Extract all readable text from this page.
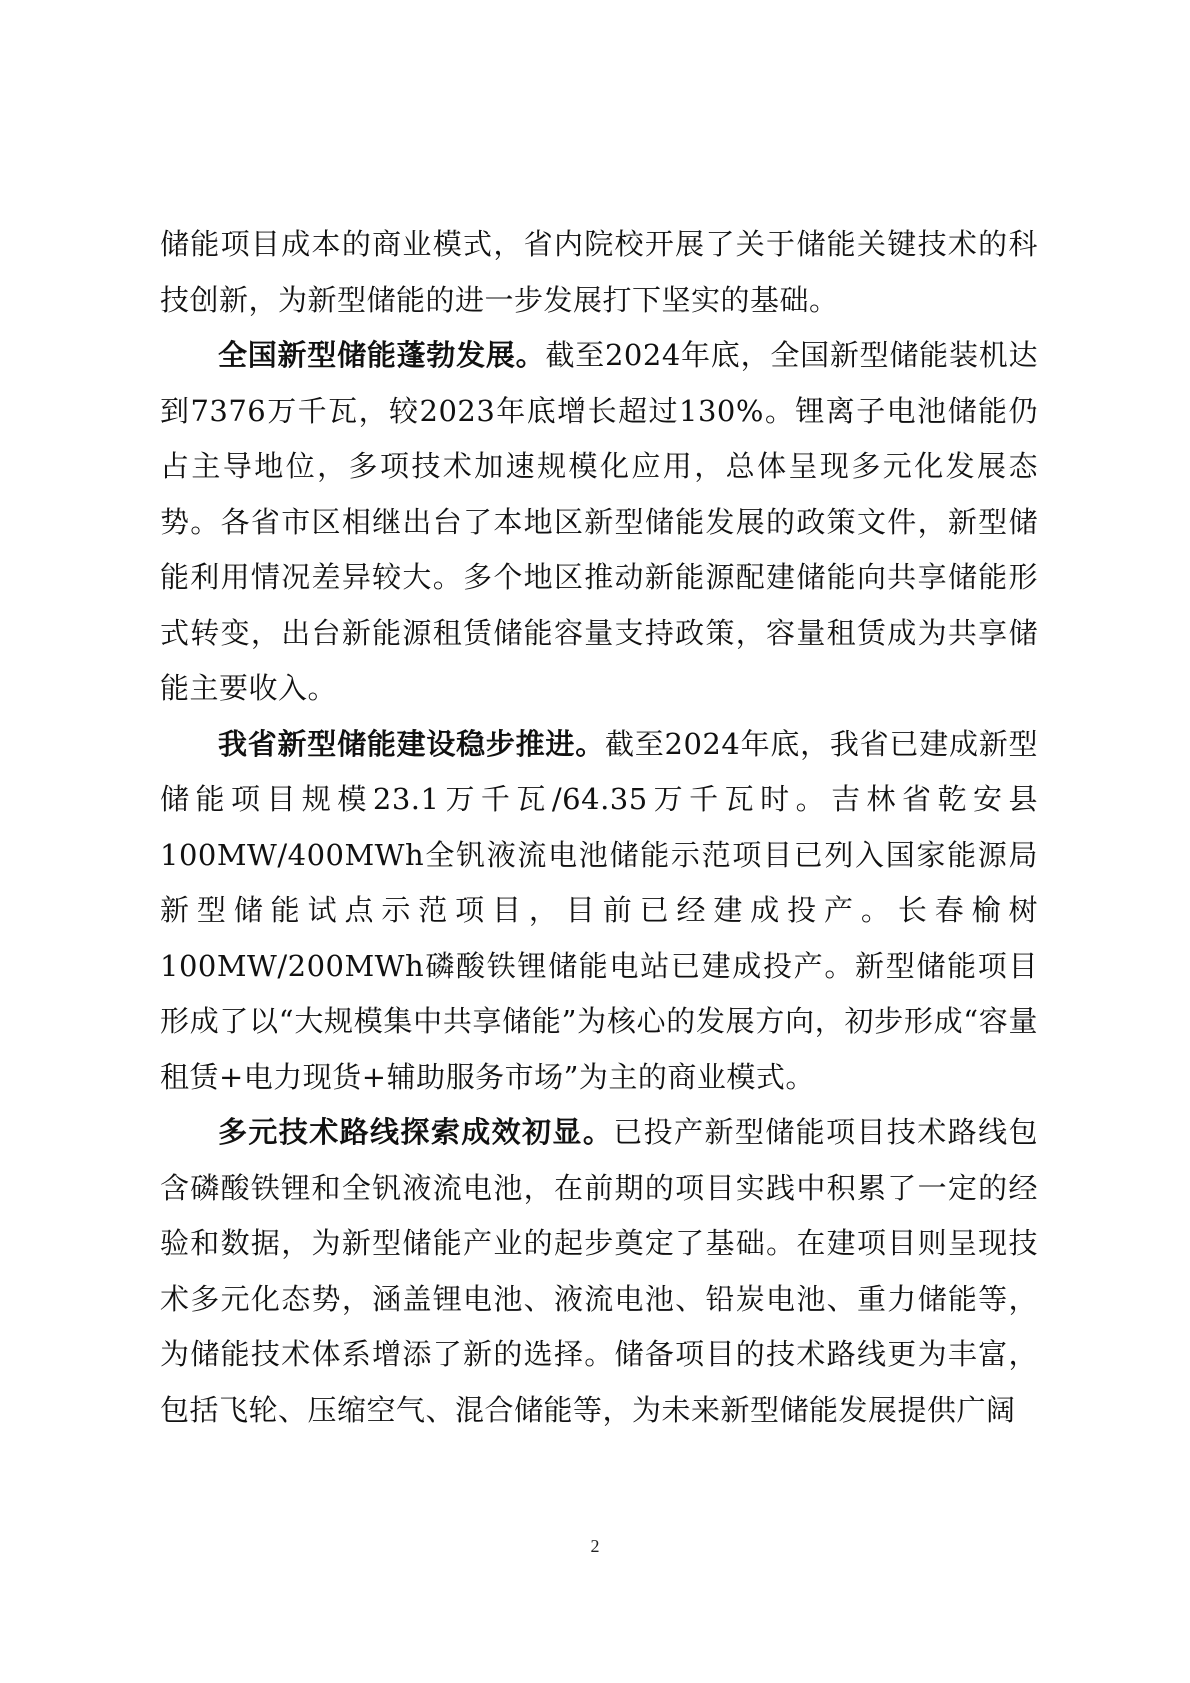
储能项目成本的商业模式，省内院校开展了关于储能关键技术的科技创新，为新型储能的进一步发展打下坚实的基础。

全国新型储能蓬勃发展。截至2024年底，全国新型储能装机达到7376万千瓦，较2023年底增长超过130%。锂离子电池储能仍占主导地位，多项技术加速规模化应用，总体呈现多元化发展态势。各省市区相继出台了本地区新型储能发展的政策文件，新型储能利用情况差异较大。多个地区推动新能源配建储能向共享储能形式转变，出台新能源租赁储能容量支持政策，容量租赁成为共享储能主要收入。

我省新型储能建设稳步推进。截至2024年底，我省已建成新型储能项目规模23.1万千瓦/64.35万千瓦时。吉林省乾安县100MW/400MWh全钒液流电池储能示范项目已列入国家能源局新型储能试点示范项目，目前已经建成投产。长春榆树100MW/200MWh磷酸铁锂储能电站已建成投产。新型储能项目形成了以“大规模集中共享储能”为核心的发展方向，初步形成“容量租赁+电力现货+辅助服务市场”为主的商业模式。

多元技术路线探索成效初显。已投产新型储能项目技术路线包含磷酸铁锂和全钒液流电池，在前期的项目实践中积累了一定的经验和数据，为新型储能产业的起步奠定了基础。在建项目则呈现技术多元化态势，涵盖锂电池、液流电池、铅炭电池、重力储能等，为储能技术体系增添了新的选择。储备项目的技术路线更为丰富，包括飞轮、压缩空气、混合储能等，为未来新型储能发展提供广阔

2
